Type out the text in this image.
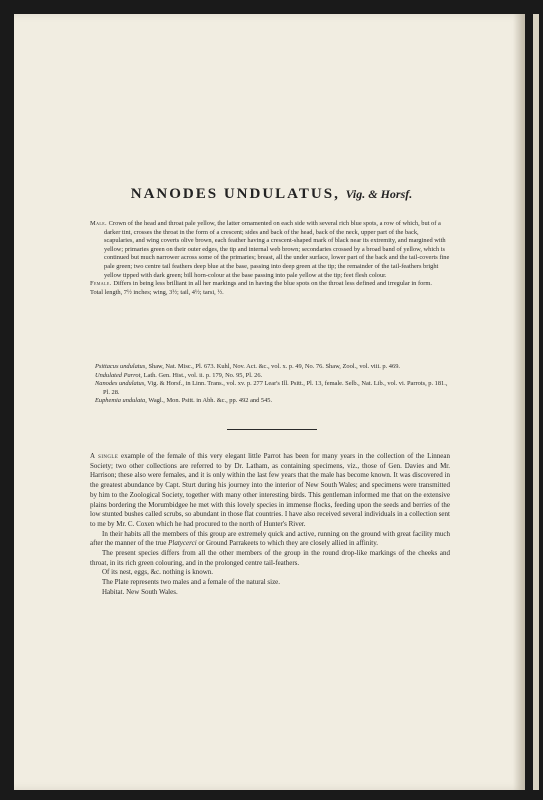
NANODES UNDULATUS, Vig. & Horsf.

Male. Crown of the head and throat pale yellow, the latter ornamented on each side with several rich blue spots, a row of which, but of a darker tint, crosses the throat in the form of a crescent; sides and back of the head, back of the neck, upper part of the back, scapularies, and wing coverts olive brown, each feather having a crescent-shaped mark of black near its extremity, and margined with yellow; primaries green on their outer edges, the tip and internal web brown; secondaries crossed by a broad band of yellow, which is continued but much narrower across some of the primaries; breast, all the under surface, lower part of the back and the tail-coverts fine pale green; two centre tail feathers deep blue at the base, passing into deep green at the tip; the remainder of the tail-feathers bright yellow tipped with dark green; bill horn-colour at the base passing into pale yellow at the tip; feet flesh colour.

Female. Differs in being less brilliant in all her markings and in having the blue spots on the throat less defined and irregular in form.

Total length, 7½ inches; wing, 3½; tail, 4½; tarsi, ½.

Psittacus undulatus, Shaw, Nat. Misc., Pl. 673. Kuhl, Nov. Act. &c., vol. x. p. 49, No. 76. Shaw, Zool., vol. viii. p. 469.

Undulated Parrot, Lath. Gen. Hist., vol. ii. p. 179, No. 95, Pl. 26.

Nanodes undulatus, Vig. & Horsf., in Linn. Trans., vol. xv. p. 277 Lear's Ill. Psitt., Pl. 13, female. Selb., Nat. Lib., vol. vi. Parrots, p. 181., Pl. 28.

Euphemia undulata, Wagl., Mon. Psitt. in Abh. &c., pp. 492 and 545.

A single example of the female of this very elegant little Parrot has been for many years in the collection of the Linnean Society; two other collections are referred to by Dr. Latham, as containing specimens, viz., those of Gen. Davies and Mr. Harrison; these also were females, and it is only within the last few years that the male has become known. It was discovered in the greatest abundance by Capt. Sturt during his journey into the interior of New South Wales; and specimens were transmitted by him to the Zoological Society, together with many other interesting birds. This gentleman informed me that on the extensive plains bordering the Morumbidgee he met with this lovely species in immense flocks, feeding upon the seeds and berries of the low stunted bushes called scrubs, so abundant in those flat countries. I have also received several individuals in a collection sent to me by Mr. C. Coxen which he had procured to the north of Hunter's River.

In their habits all the members of this group are extremely quick and active, running on the ground with great facility much after the manner of the true Platycerci or Ground Parrakeets to which they are closely allied in affinity.

The present species differs from all the other members of the group in the round drop-like markings of the cheeks and throat, in its rich green colouring, and in the prolonged centre tail-feathers.

Of its nest, eggs, &c. nothing is known.

The Plate represents two males and a female of the natural size.

Habitat. New South Wales.
